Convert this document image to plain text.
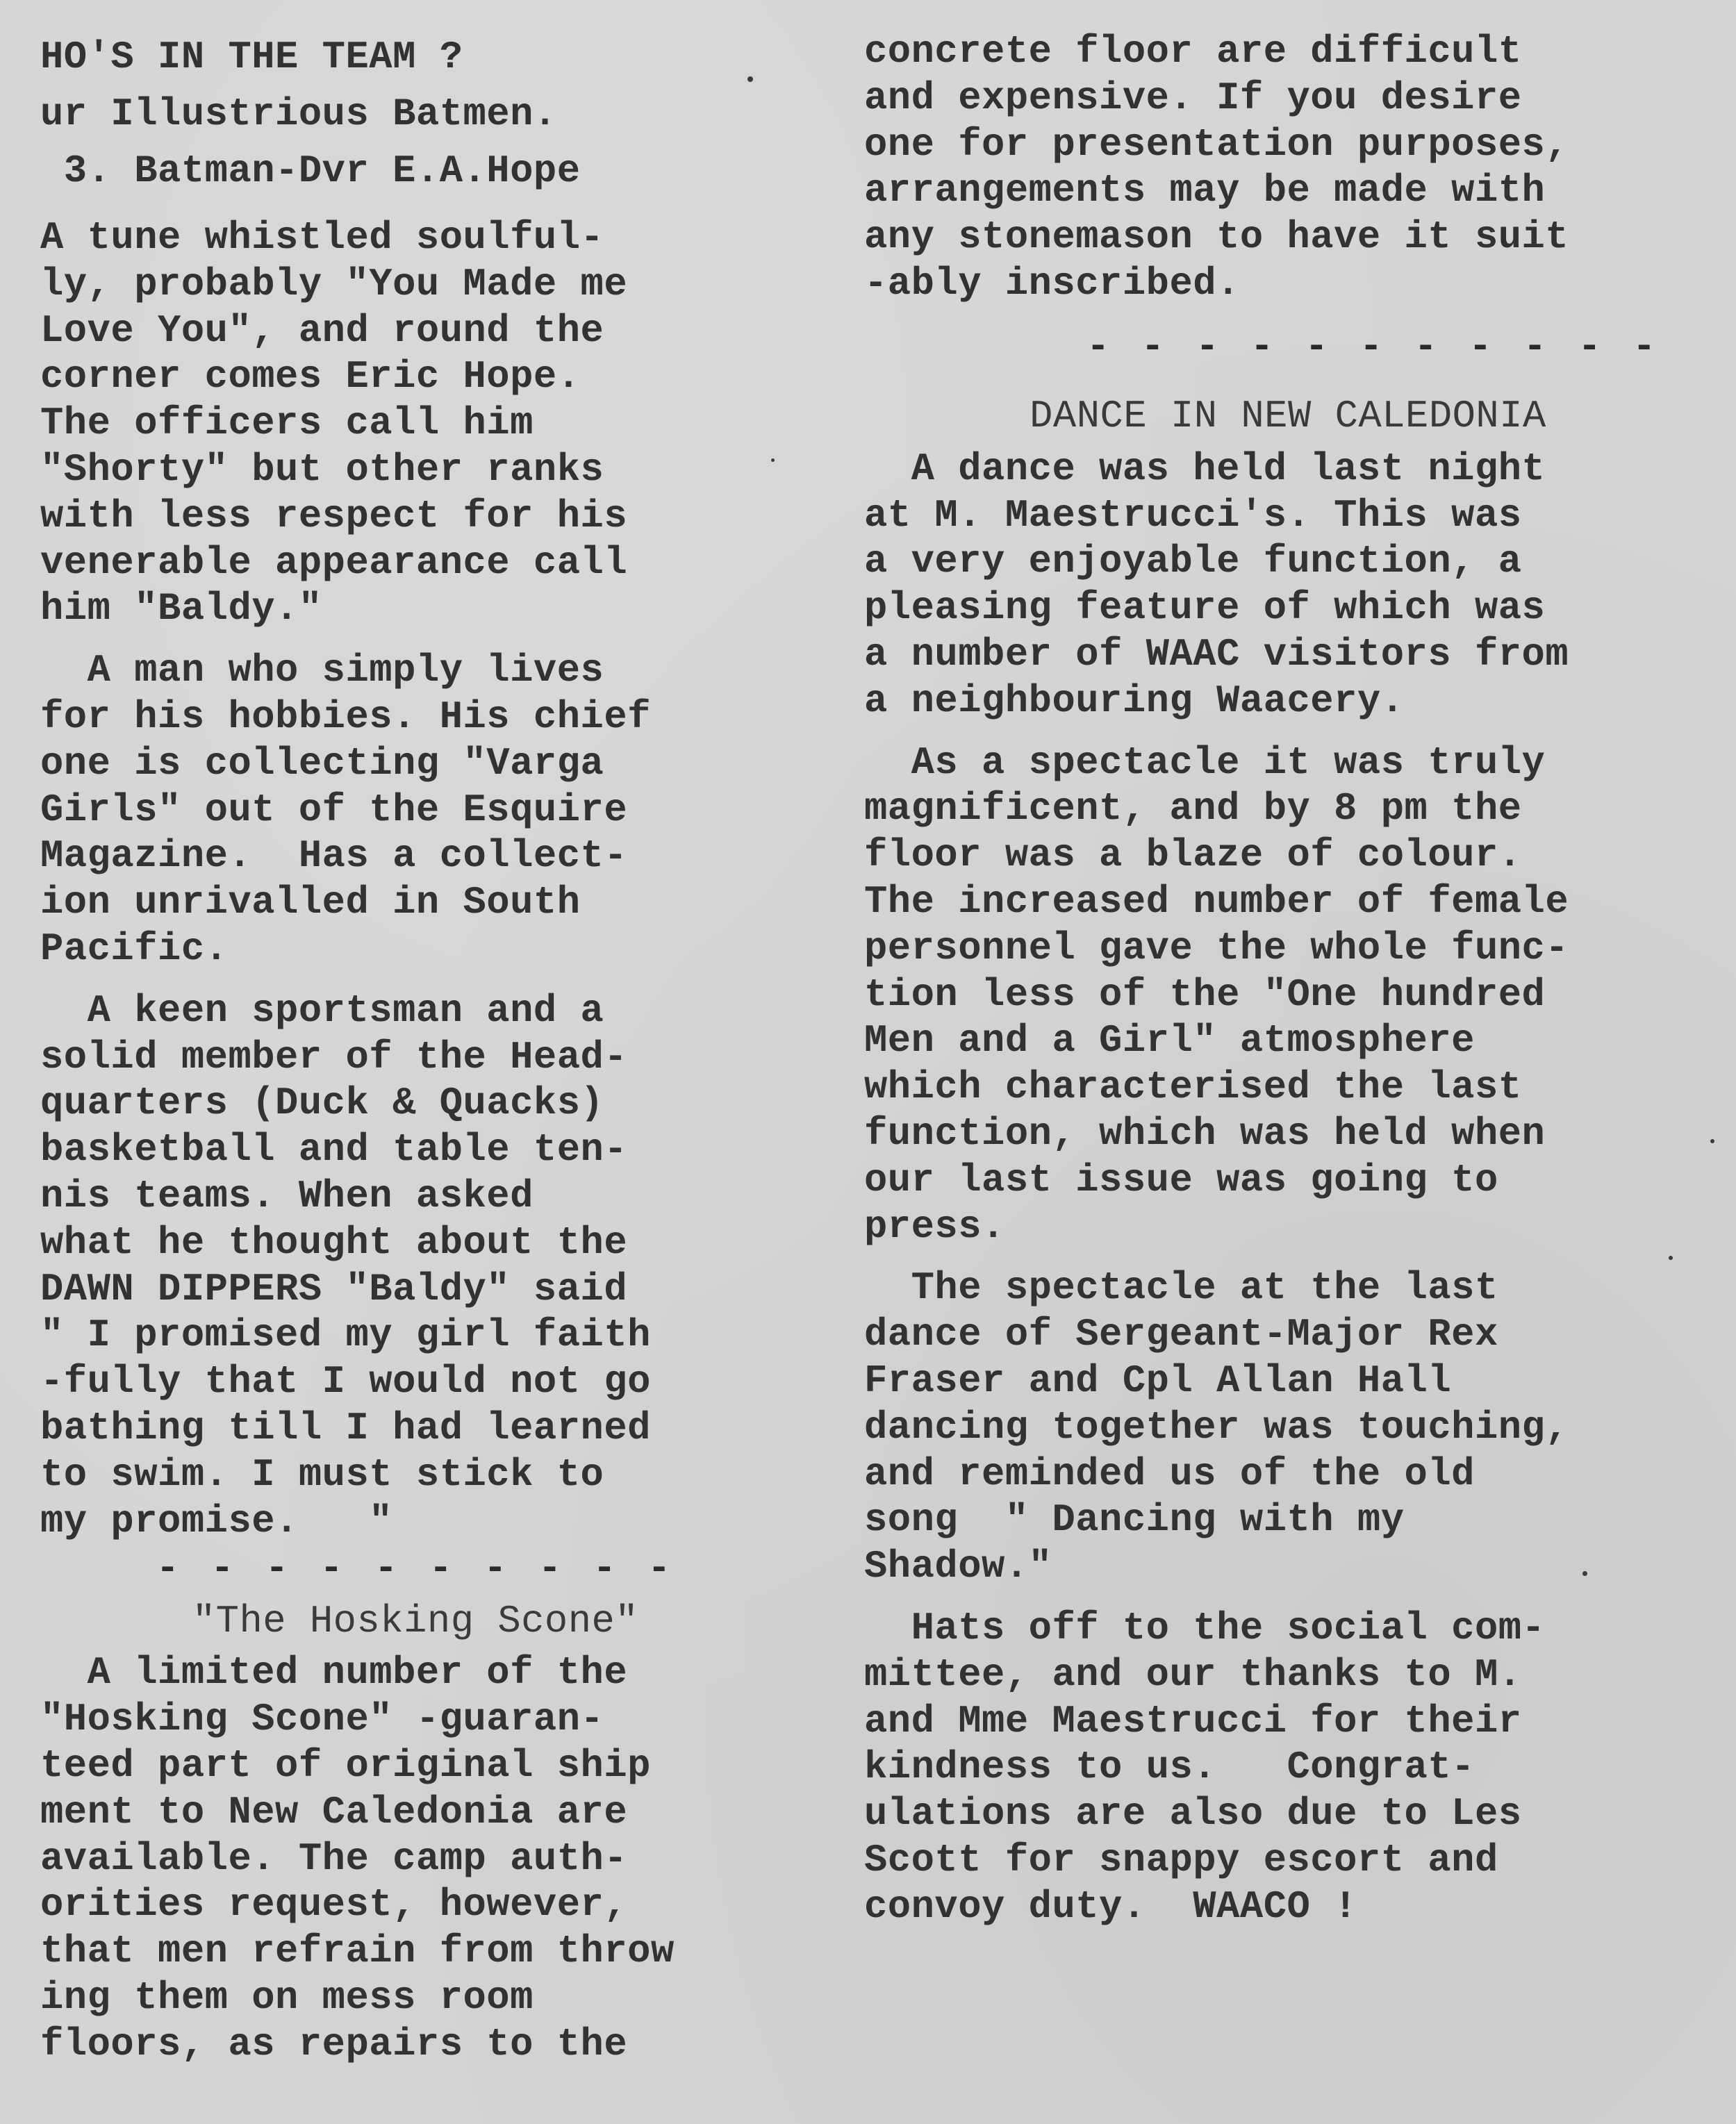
HO'S IN THE TEAM ?
ur Illustrious Batmen.
3. Batman-Dvr E.A.Hope
A tune whistled soulful-
ly, probably "You Made me
Love You", and round the
corner comes Eric Hope.
The officers call him
"Shorty" but other ranks
with less respect for his
venerable appearance call
him "Baldy."
A man who simply lives
for his hobbies. His chief
one is collecting "Varga
Girls" out of the Esquire
Magazine.  Has a collect-
ion unrivalled in South
Pacific.
A keen sportsman and a
solid member of the Head-
quarters (Duck & Quacks)
basketball and table ten-
nis teams. When asked
what he thought about the
DAWN DIPPERS "Baldy" said
" I promised my girl faith
-fully that I would not go
bathing till I had learned
to swim. I must stick to
my promise.   "
- - - - - - - - - -
"The Hosking Scone"
A limited number of the
"Hosking Scone" -guaran-
teed part of original ship
ment to New Caledonia are
available. The camp auth-
orities request, however,
that men refrain from throw
ing them on mess room
floors, as repairs to the
concrete floor are difficult
and expensive. If you desire
one for presentation purposes,
arrangements may be made with
any stonemason to have it suit
-ably inscribed.
- - - - - - - - - - -
DANCE IN NEW CALEDONIA
A dance was held last night
at M. Maestrucci's. This was
a very enjoyable function, a
pleasing feature of which was
a number of WAAC visitors from
a neighbouring Waacery.
As a spectacle it was truly
magnificent, and by 8 pm the
floor was a blaze of colour.
The increased number of female
personnel gave the whole func-
tion less of the "One hundred
Men and a Girl" atmosphere
which characterised the last
function, which was held when
our last issue was going to
press.
The spectacle at the last
dance of Sergeant-Major Rex
Fraser and Cpl Allan Hall
dancing together was touching,
and reminded us of the old
song  " Dancing with my
Shadow."
Hats off to the social com-
mittee, and our thanks to M.
and Mme Maestrucci for their
kindness to us.   Congrat-
ulations are also due to Les
Scott for snappy escort and
convoy duty.  WAACO !
